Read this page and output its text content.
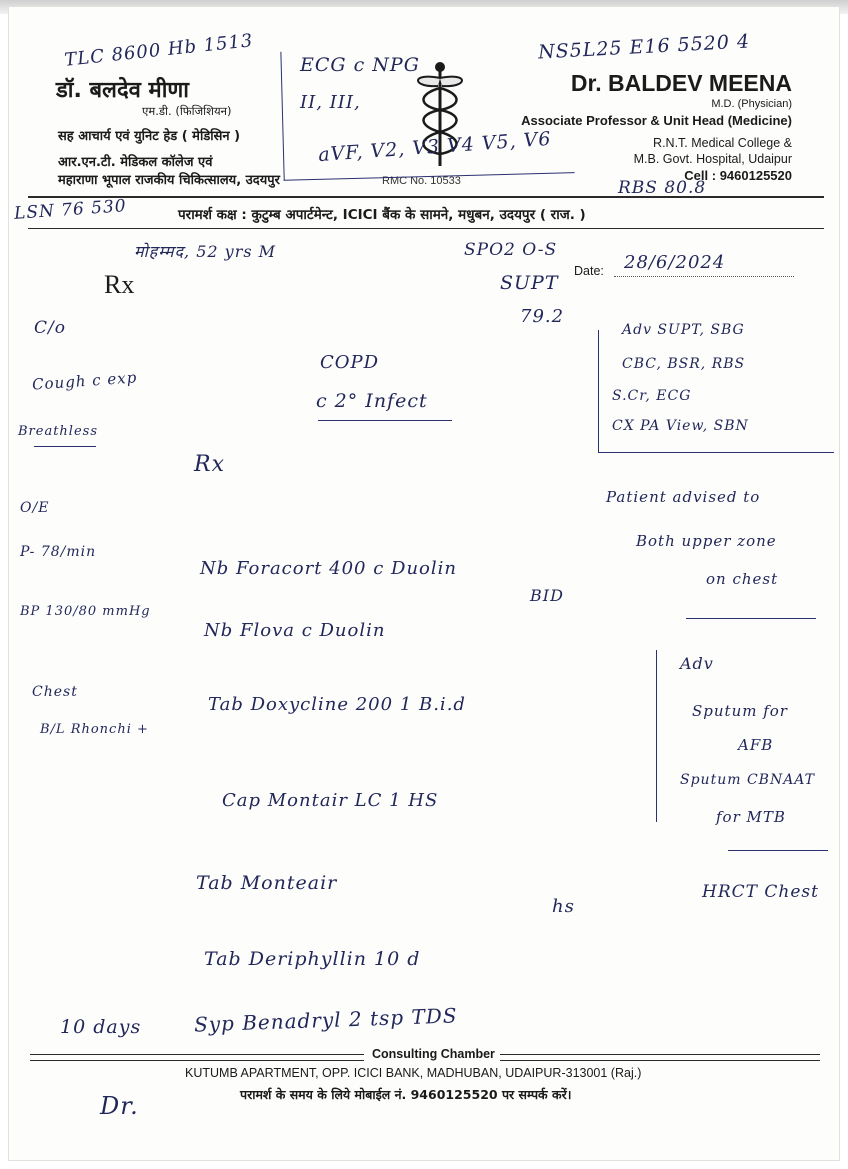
डॉ. बलदेव मीणा
एम.डी. (फिजिशियन)
सह आचार्य एवं युनिट हेड ( मेडिसिन )
आर.एन.टी. मेडिकल कॉलेज एवं
महाराणा भूपाल राजकीय चिकित्सालय, उदयपुर	RMC No. 10533
Dr. BALDEV MEENA
M.D. (Physician)
Associate Professor & Unit Head (Medicine)
R.N.T. Medical College &
M.B. Govt. Hospital, Udaipur
Cell : 9460125520
परामर्श कक्ष : कुटुम्ब अपार्टमेन्ट, ICICI बैंक के सामने, मधुबन, उदयपुर ( राज. )
Rx	Date:
TLC 8600 Hb 1513 ECG c NPG
II, III,
aVF, V2, V3 V4 V5, V6
NS5L25 E16 5520 4
RBS 80.8
LSN 76 530
मोहम्मद, 52 yrs M	SPO2 O-S
SUPT
79.2
28/6/2024
C/o
Cough c exp
Breathless
O/E
P- 78/min
BP 130/80 mmHg
Chest
B/L Rhonchi +
COPD
c 2° Infect
Rx
Adv SUPT, SBG
CBC, BSR, RBS
S.Cr, ECG
CX PA View, SBN
Patient advised to
Both upper zone
on chest
Adv
Sputum for
AFB
Sputum CBNAAT
for MTB
HRCT Chest
Nb Foracort 400 c Duolin
BID
Nb Flova c Duolin
Tab Doxycline 200 1 B.i.d
Cap Montair LC 1 HS
Tab Monteair
hs
Tab Deriphyllin 10 d
Syp Benadryl 2 tsp TDS
10 days
Dr.
Consulting Chamber
KUTUMB APARTMENT, OPP. ICICI BANK, MADHUBAN, UDAIPUR-313001 (Raj.)
परामर्श के समय के लिये मोबाईल नं. 9460125520 पर सम्पर्क करें।
